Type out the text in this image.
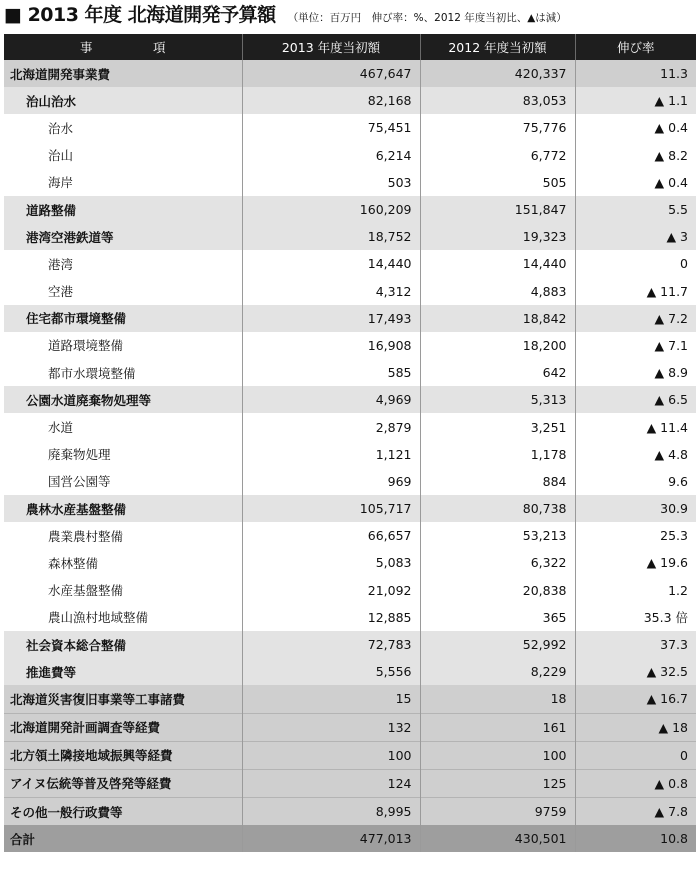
■ 2013 年度 北海道開発予算額 （単位：百万円　伸び率：%、2012 年度当初比、▲は減）
事　項	2013 年度当初額	2012 年度当初額	伸び率
北海道開発事業費	467,647	420,337	11.3
治山治水	82,168	83,053	▲ 1.1
治水	75,451	75,776	▲ 0.4
治山	6,214	6,772	▲ 8.2
海岸	503	505	▲ 0.4
道路整備	160,209	151,847	5.5
港湾空港鉄道等	18,752	19,323	▲ 3
港湾	14,440	14,440	0
空港	4,312	4,883	▲ 11.7
住宅都市環境整備	17,493	18,842	▲ 7.2
道路環境整備	16,908	18,200	▲ 7.1
都市水環境整備	585	642	▲ 8.9
公園水道廃棄物処理等	4,969	5,313	▲ 6.5
水道	2,879	3,251	▲ 11.4
廃棄物処理	1,121	1,178	▲ 4.8
国営公園等	969	884	9.6
農林水産基盤整備	105,717	80,738	30.9
農業農村整備	66,657	53,213	25.3
森林整備	5,083	6,322	▲ 19.6
水産基盤整備	21,092	20,838	1.2
農山漁村地域整備	12,885	365	35.3 倍
社会資本総合整備	72,783	52,992	37.3
推進費等	5,556	8,229	▲ 32.5
北海道災害復旧事業等工事諸費	15	18	▲ 16.7
北海道開発計画調査等経費	132	161	▲ 18
北方領土隣接地域振興等経費	100	100	0
アイヌ伝統等普及啓発等経費	124	125	▲ 0.8
その他一般行政費等	8,995	9759	▲ 7.8
合計	477,013	430,501	10.8
